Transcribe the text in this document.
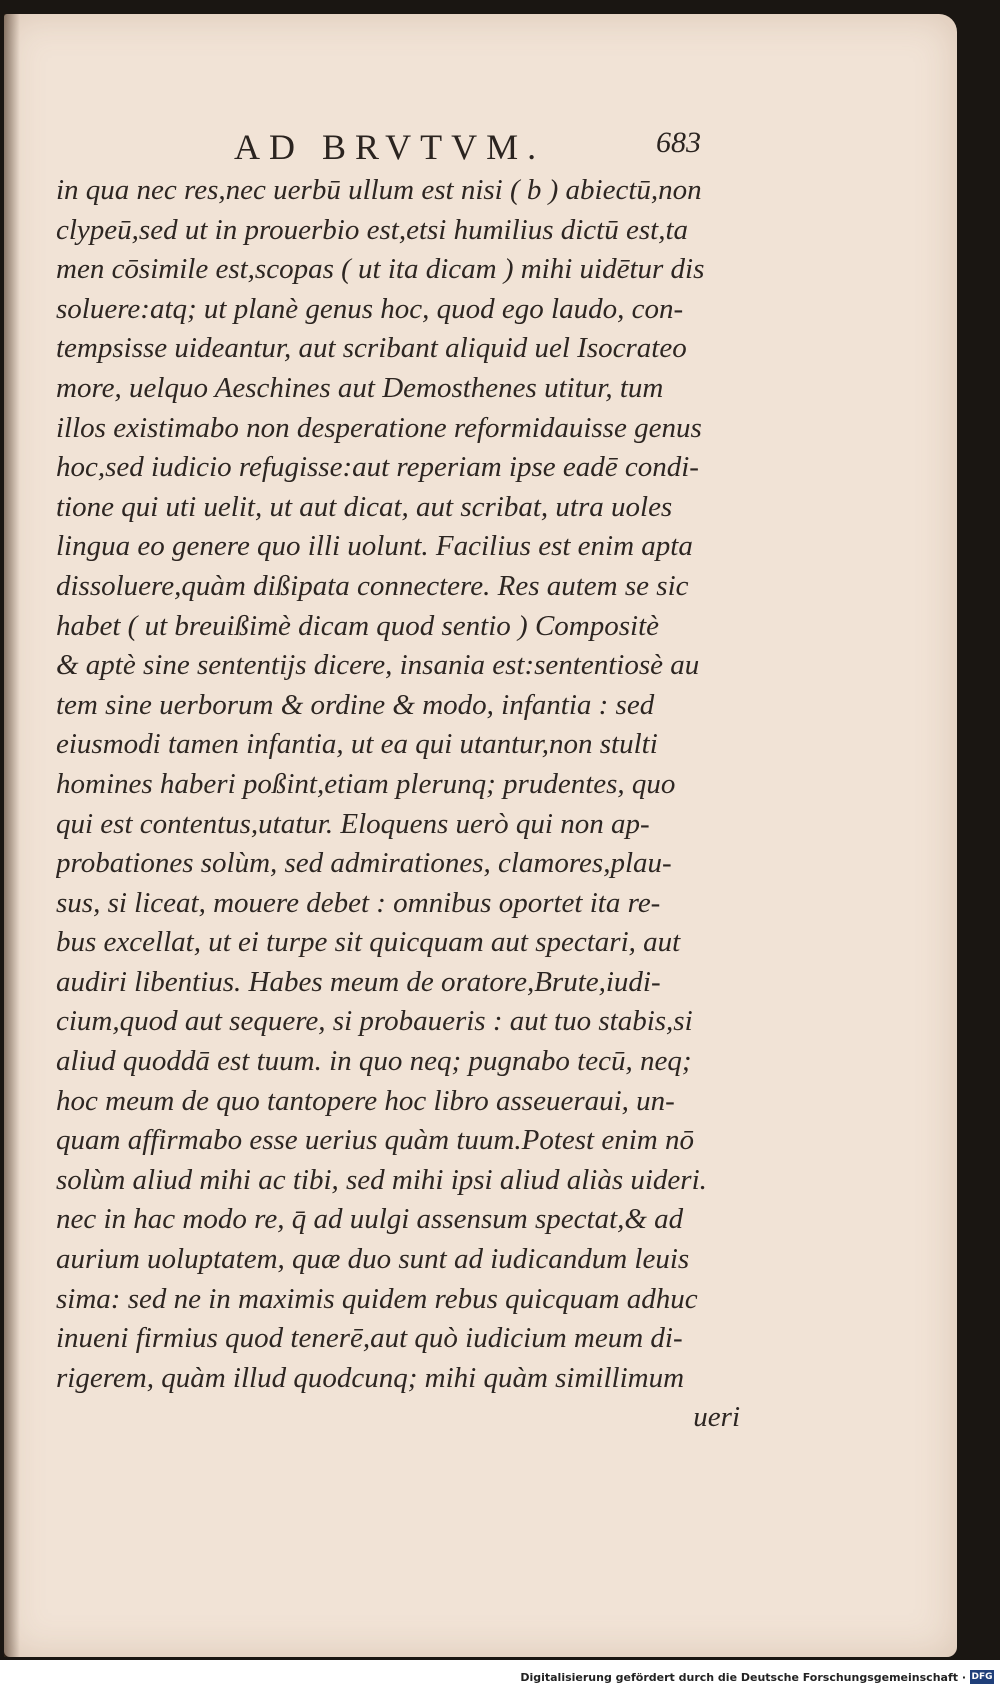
AD BRVTVM.	683
in qua nec res,nec uerbū ullum est nisi ( b ) abiectū,non
clypeū,sed ut in prouerbio est,etsi humilius dictū est,ta
men cōsimile est,scopas ( ut ita dicam ) mihi uidētur dis
soluere:atq; ut planè genus hoc, quod ego laudo, con-
tempsisse uideantur, aut scribant aliquid uel Isocrateo
more, uelquo Aeschines aut Demosthenes utitur, tum
illos existimabo non desperatione reformidauisse genus
hoc,sed iudicio refugisse:aut reperiam ipse eadē condi-
tione qui uti uelit, ut aut dicat, aut scribat, utra uoles
lingua eo genere quo illi uolunt. Facilius est enim apta
dissoluere,quàm dißipata connectere. Res autem se sic
habet ( ut breuißimè dicam quod sentio ) Compositè
& aptè sine sententijs dicere, insania est:sententiosè au
tem sine uerborum & ordine & modo, infantia : sed
eiusmodi tamen infantia, ut ea qui utantur,non stulti
homines haberi poßint,etiam plerunq; prudentes, quo
qui est contentus,utatur. Eloquens uerò qui non ap-
probationes solùm, sed admirationes, clamores,plau-
sus, si liceat, mouere debet : omnibus oportet ita re-
bus excellat, ut ei turpe sit quicquam aut spectari, aut
audiri libentius. Habes meum de oratore,Brute,iudi-
cium,quod aut sequere, si probaueris : aut tuo stabis,si
aliud quoddā est tuum. in quo neq; pugnabo tecū, neq;
hoc meum de quo tantopere hoc libro asseueraui, un-
quam affirmabo esse uerius quàm tuum.Potest enim nō
solùm aliud mihi ac tibi, sed mihi ipsi aliud aliàs uideri.
nec in hac modo re, q̄ ad uulgi assensum spectat,& ad
aurium uoluptatem, quæ duo sunt ad iudicandum leuis
sima: sed ne in maximis quidem rebus quicquam adhuc
inueni firmius quod tenerē,aut quò iudicium meum di-
rigerem, quàm illud quodcunq; mihi quàm simillimum
ueri
Digitalisierung gefördert durch die Deutsche Forschungsgemeinschaft · DFG
